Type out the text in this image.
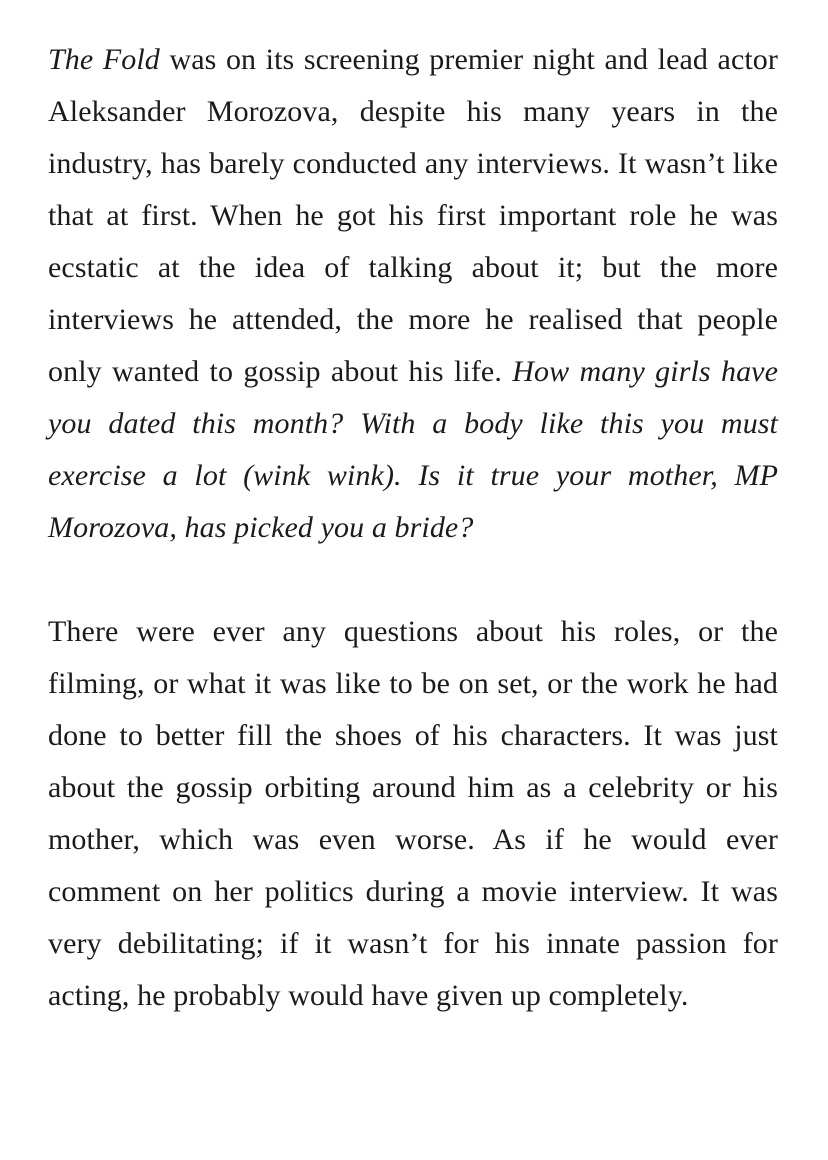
The Fold was on its screening premier night and lead actor Aleksander Morozova, despite his many years in the industry, has barely conducted any interviews. It wasn’t like that at first. When he got his first important role he was ecstatic at the idea of talking about it; but the more interviews he attended, the more he realised that people only wanted to gossip about his life. How many girls have you dated this month? With a body like this you must exercise a lot (wink wink). Is it true your mother, MP Morozova, has picked you a bride?

There were ever any questions about his roles, or the filming, or what it was like to be on set, or the work he had done to better fill the shoes of his characters. It was just about the gossip orbiting around him as a celebrity or his mother, which was even worse. As if he would ever comment on her politics during a movie interview. It was very debilitating; if it wasn’t for his innate passion for acting, he probably would have given up completely.
